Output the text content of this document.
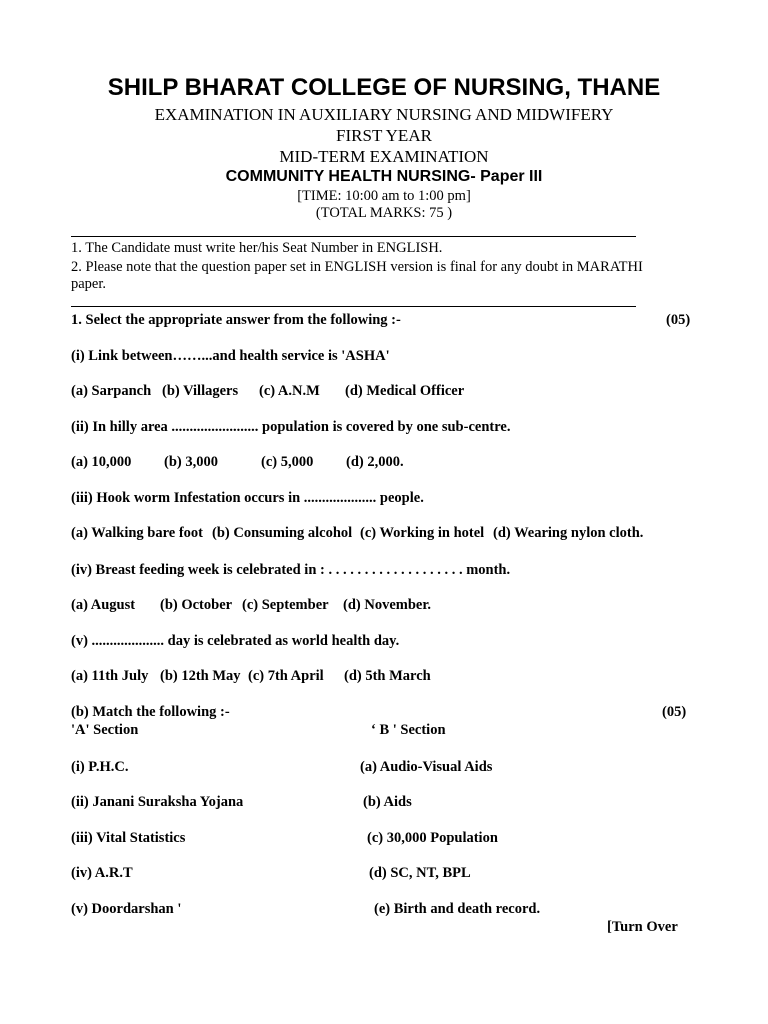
SHILP BHARAT COLLEGE OF NURSING, THANE
EXAMINATION IN AUXILIARY NURSING AND MIDWIFERY
FIRST YEAR
MID-TERM EXAMINATION
COMMUNITY HEALTH NURSING- Paper III
[TIME: 10:00 am to 1:00 pm]
(TOTAL MARKS: 75 )
1. The Candidate must write her/his Seat Number in ENGLISH.
2. Please note that the question paper set in ENGLISH version is final for any doubt in MARATHI paper.
1. Select the appropriate answer from the following :-	(05)
(i) Link between……...and health service is 'ASHA'
(a) Sarpanch (b) Villagers (c) A.N.M (d) Medical Officer
(ii) In hilly area ........................ population is covered by one sub-centre.
(a) 10,000 (b) 3,000	(c) 5,000 (d) 2,000.
(iii) Hook worm Infestation occurs in .................... people.
(a) Walking bare foot (b) Consuming alcohol (c) Working in hotel (d) Wearing nylon cloth.
(iv) Breast feeding week is celebrated in : . . . . . . . . . . . . . . . . . . . month.
(a) August (b) October (c) September (d) November.
(v) .................... day is celebrated as world health day.
(a) 11th July (b) 12th May (c) 7th April (d) 5th March
(b) Match the following :-	(05)
'A' Section	‘ B ' Section
(i) P.H.C.	(a) Audio-Visual Aids
(ii) Janani Suraksha Yojana	(b) Aids
(iii) Vital Statistics	(c) 30,000 Population
(iv) A.R.T	(d) SC, NT, BPL
(v) Doordarshan '	(e) Birth and death record.
[Turn Over
